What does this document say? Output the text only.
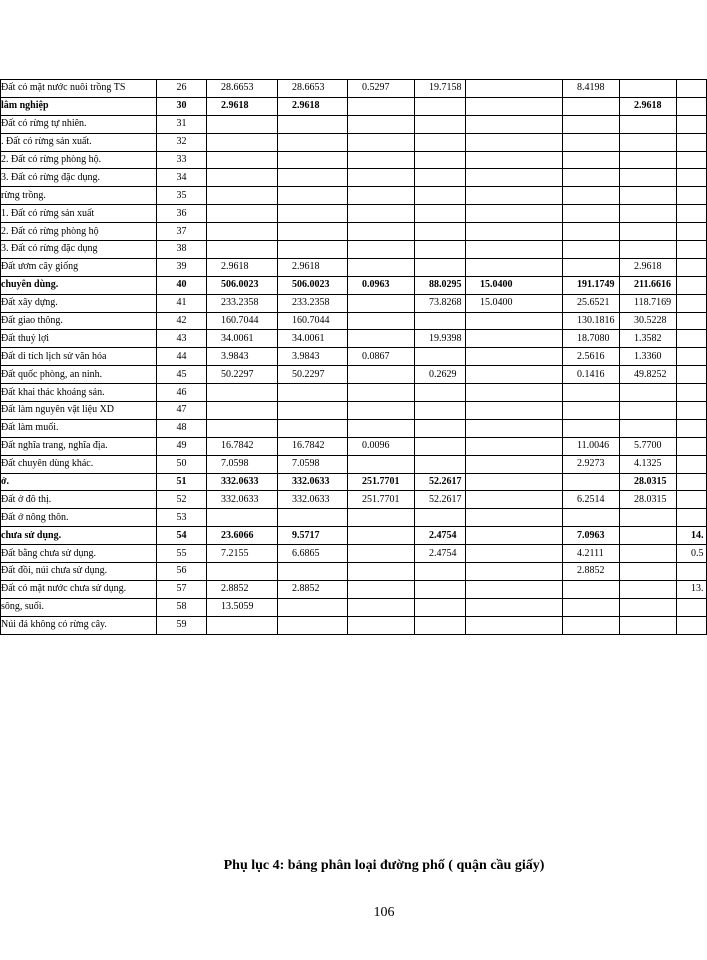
Đất có mặt nước nuôi trồng TS	26	28.6653	28.6653	0.5297	19.7158		8.4198		
lâm nghiệp	30	2.9618	2.9618					2.9618	
Đất có rừng tự nhiên.	31								
. Đất có rừng sản xuất.	32								
2. Đất có rừng phòng hộ.	33								
3. Đất có rừng đặc dụng.	34								
rừng trồng.	35								
1. Đất có rừng sản xuất	36								
2. Đất có rừng phòng hộ	37								
3. Đất có rừng đặc dụng	38								
Đất ươm cây giống	39	2.9618	2.9618					2.9618	
chuyên dùng.	40	506.0023	506.0023	0.0963	88.0295	15.0400	191.1749	211.6616	
Đất xây dựng.	41	233.2358	233.2358		73.8268	15.0400	25.6521	118.7169	
Đất giao thông.	42	160.7044	160.7044				130.1816	30.5228	
Đất thuỷ lợi	43	34.0061	34.0061		19.9398		18.7080	1.3582	
Đất di tích lịch sử văn hóa	44	3.9843	3.9843	0.0867			2.5616	1.3360	
Đất quốc phòng, an ninh.	45	50.2297	50.2297		0.2629		0.1416	49.8252	
Đất khai thác khoáng sản.	46								
Đất làm nguyên vật liệu XD	47								
Đất làm muối.	48								
Đất nghĩa trang, nghĩa địa.	49	16.7842	16.7842	0.0096			11.0046	5.7700	
Đất chuyên dùng khác.	50	7.0598	7.0598				2.9273	4.1325	
ở.	51	332.0633	332.0633	251.7701	52.2617			28.0315	
Đất ở đô thị.	52	332.0633	332.0633	251.7701	52.2617		6.2514	28.0315	
Đất ở nông thôn.	53								
chưa sử dụng.	54	23.6066	9.5717		2.4754		7.0963		14.
Đất bằng chưa sử dụng.	55	7.2155	6.6865		2.4754		4.2111		0.5
Đất đồi, núi chưa sử dụng.	56						2.8852		
Đất có mặt nước chưa sử dụng.	57	2.8852	2.8852						13.
sông, suối.	58	13.5059							
Núi đá không có rừng cây.	59								
Phụ lục 4: bảng phân loại đường phố ( quận cầu giấy)
106
